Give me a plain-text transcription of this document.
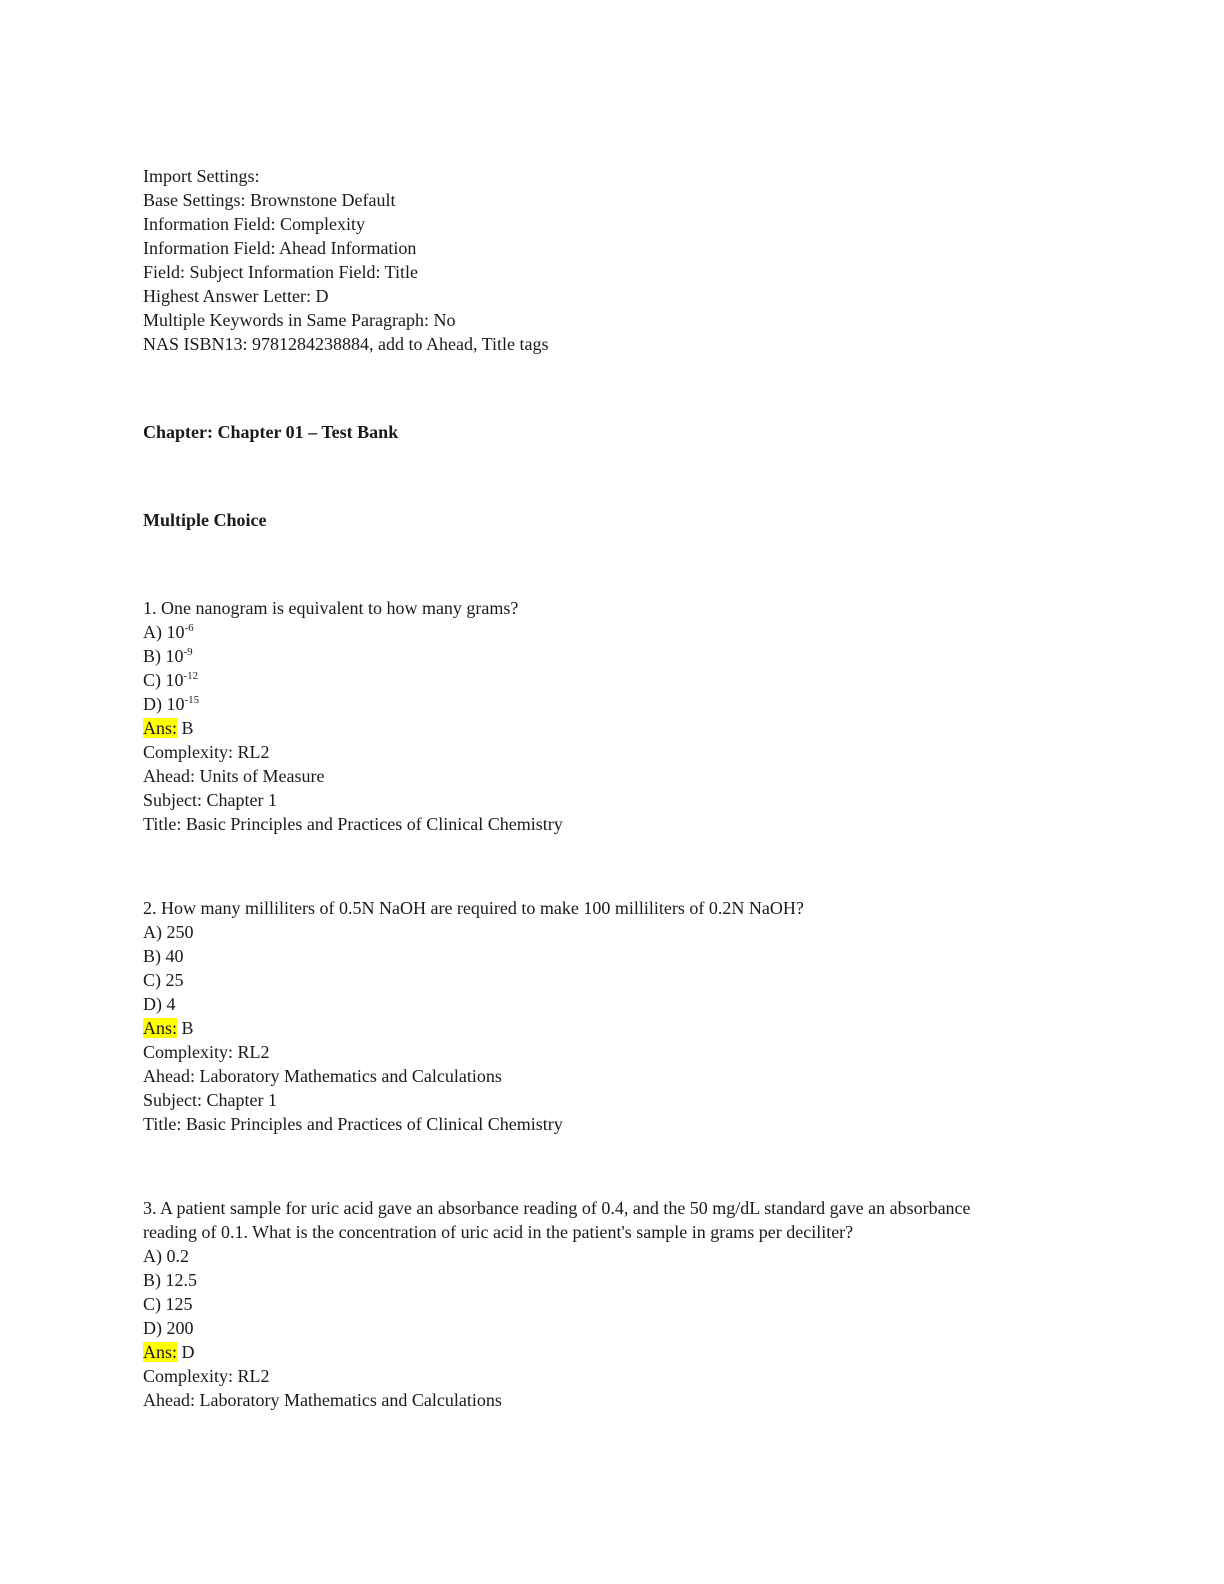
Import Settings:
Base Settings: Brownstone Default
Information Field: Complexity
Information Field: Ahead Information
Field: Subject Information Field: Title
Highest Answer Letter: D
Multiple Keywords in Same Paragraph: No
NAS ISBN13: 9781284238884, add to Ahead, Title tags
Chapter: Chapter 01 – Test Bank
Multiple Choice
1. One nanogram is equivalent to how many grams?
A) $10^{-6}$
B) $10^{-9}$
C) $10^{-12}$
D) $10^{-15}$
Ans: B
Complexity: RL2
Ahead: Units of Measure
Subject: Chapter 1
Title: Basic Principles and Practices of Clinical Chemistry
2. How many milliliters of 0.5N NaOH are required to make 100 milliliters of 0.2N NaOH?
A) 250
B) 40
C) 25
D) 4
Ans: B
Complexity: RL2
Ahead: Laboratory Mathematics and Calculations
Subject: Chapter 1
Title: Basic Principles and Practices of Clinical Chemistry
3. A patient sample for uric acid gave an absorbance reading of 0.4, and the 50 mg/dL standard gave an absorbance reading of 0.1. What is the concentration of uric acid in the patient's sample in grams per deciliter?
A) 0.2
B) 12.5
C) 125
D) 200
Ans: D
Complexity: RL2
Ahead: Laboratory Mathematics and Calculations
